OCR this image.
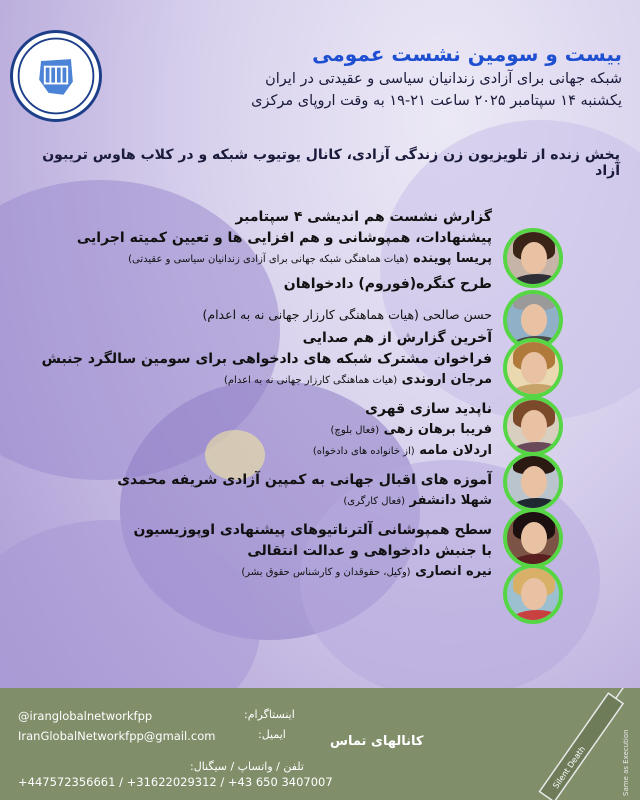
بیست و سومین نشست عمومی
شبکه جهانی برای آزادی زندانیان سیاسی و عقیدتی در ایران
یکشنبه ۱۴ سپتامبر ۲۰۲۵ ساعت ۲۱-۱۹ به وقت اروپای مرکزی
پخش زنده از تلویزیون زن زندگی آزادی، کانال یوتیوب شبکه و در کلاب هاوس تریبون آزاد
گزارش نشست هم اندیشی ۴ سپتامبر
پیشنهادات، همپوشانی و هم افزایی ها و تعیین کمیته اجرایی
پریسا پوینده (هیات هماهنگی شبکه جهانی برای آزادی زندانیان سیاسی و عقیدتی)
طرح کنگره(فوروم) دادخواهان
حسن صالحی (هیات هماهنگی کارزار جهانی نه به اعدام)
آخرین گزارش از هم صدایی
فراخوان مشترک شبکه های دادخواهی برای سومین سالگرد جنبش
مرجان اروندی (هیات هماهنگی کارزار جهانی نه به اعدام)
ناپدید سازی قهری
فریبا برهان زهی (فعال بلوچ)
اردلان مامه (از خانواده های دادخواه)
آموزه های اقبال جهانی به کمپین آزادی شریفه محمدی
شهلا دانشفر (فعال کارگری)
سطح همپوشانی آلترناتیوهای پیشنهادی اوپوزیسیون
با جنبش دادخواهی و عدالت انتقالی
نیره انصاری (وکیل، حقوقدان و کارشناس حقوق بشر)
@iranglobalnetworkfpp
IranGlobalNetworkfpp@gmail.com
+447572356661 / +31622029312 / +43 650 3407007
اینستاگرام:
ایمیل:
تلفن / واتساپ / سیگنال:
کانالهای تماس
Silent Death	Same as Execution
